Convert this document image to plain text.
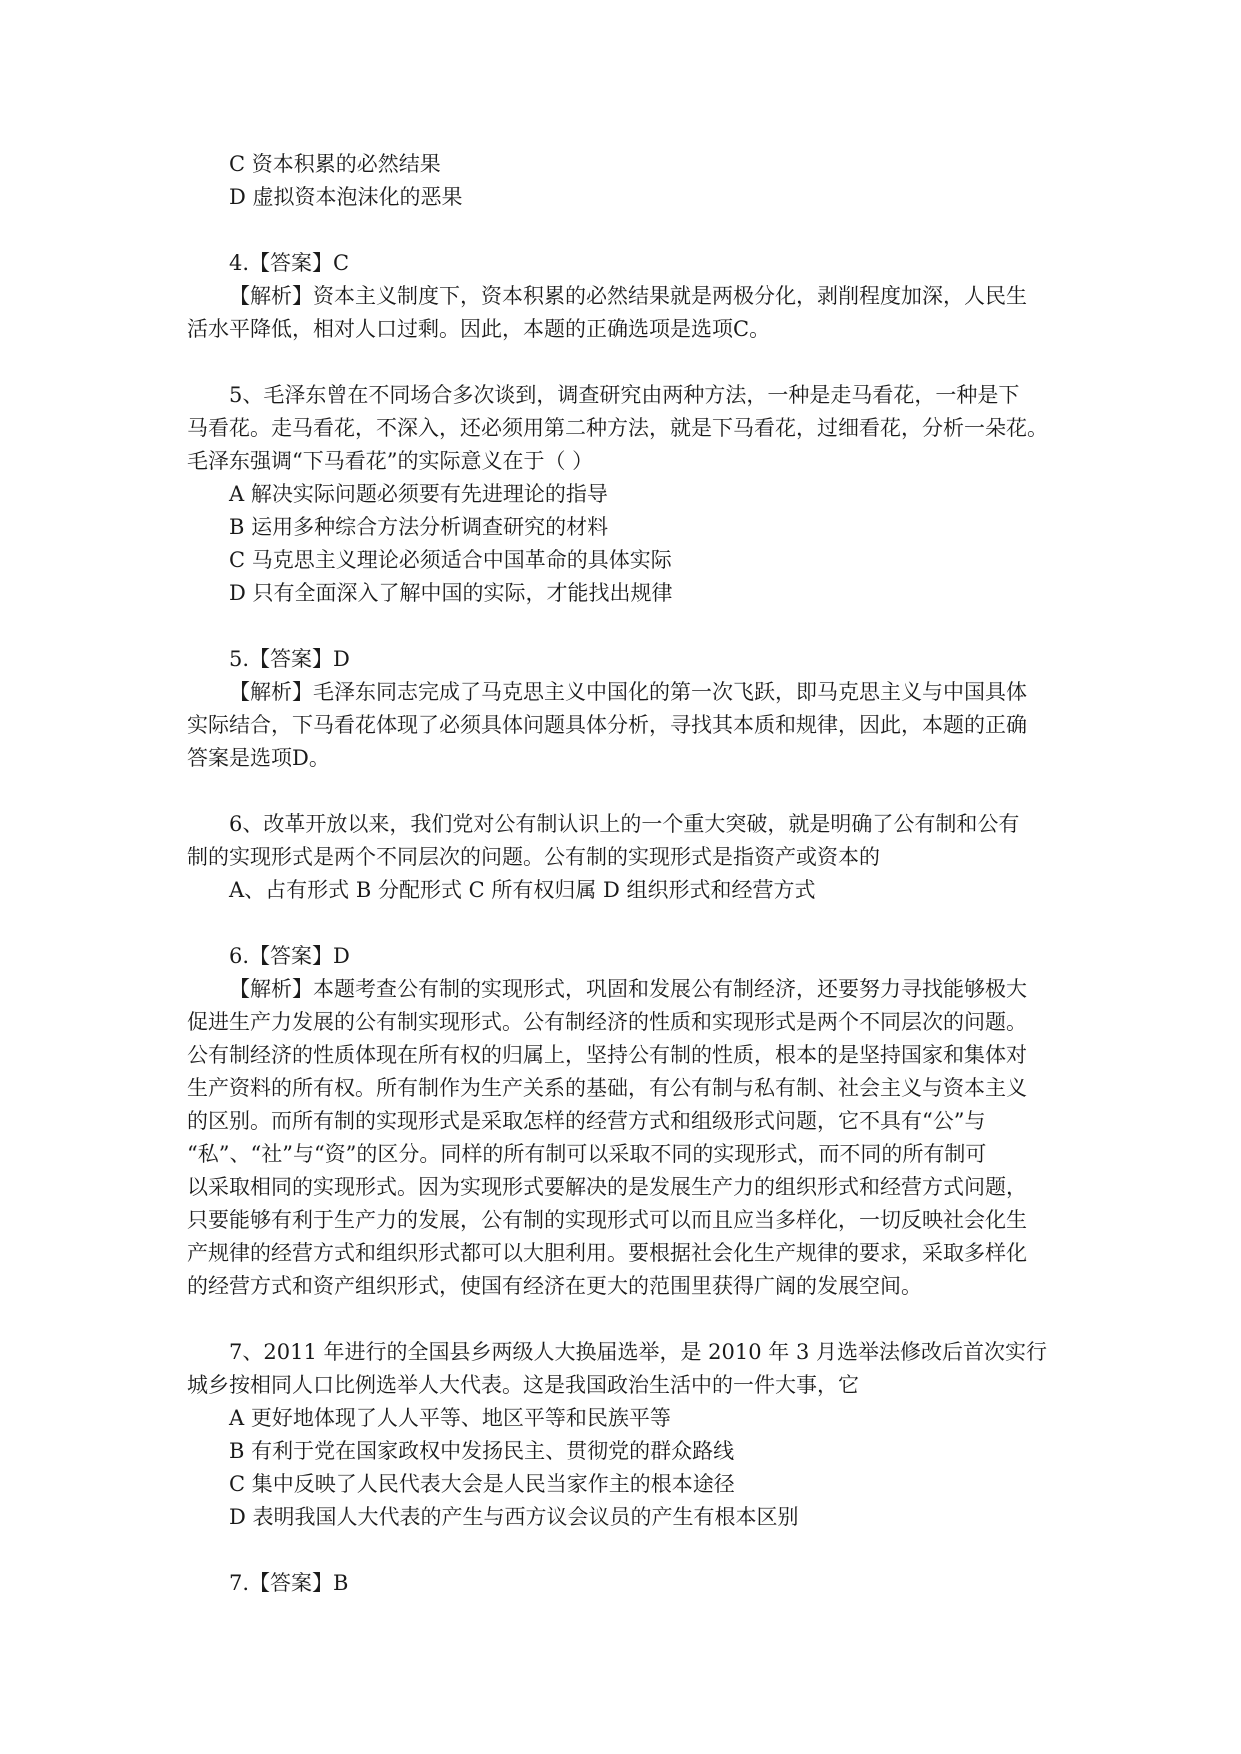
C 资本积累的必然结果
D 虚拟资本泡沫化的恶果
4.【答案】C
【解析】资本主义制度下，资本积累的必然结果就是两极分化，剥削程度加深，人民生
活水平降低，相对人口过剩。因此，本题的正确选项是选项C。
5、毛泽东曾在不同场合多次谈到，调查研究由两种方法，一种是走马看花，一种是下
马看花。走马看花，不深入，还必须用第二种方法，就是下马看花，过细看花，分析一朵花。
毛泽东强调“下马看花”的实际意义在于（ ）
A 解决实际问题必须要有先进理论的指导
B 运用多种综合方法分析调查研究的材料
C 马克思主义理论必须适合中国革命的具体实际
D 只有全面深入了解中国的实际，才能找出规律
5.【答案】D
【解析】毛泽东同志完成了马克思主义中国化的第一次飞跃，即马克思主义与中国具体
实际结合，下马看花体现了必须具体问题具体分析，寻找其本质和规律，因此，本题的正确
答案是选项D。
6、改革开放以来，我们党对公有制认识上的一个重大突破，就是明确了公有制和公有
制的实现形式是两个不同层次的问题。公有制的实现形式是指资产或资本的
A、占有形式 B 分配形式 C 所有权归属 D 组织形式和经营方式
6.【答案】D
【解析】本题考查公有制的实现形式，巩固和发展公有制经济，还要努力寻找能够极大
促进生产力发展的公有制实现形式。公有制经济的性质和实现形式是两个不同层次的问题。
公有制经济的性质体现在所有权的归属上，坚持公有制的性质，根本的是坚持国家和集体对
生产资料的所有权。所有制作为生产关系的基础，有公有制与私有制、社会主义与资本主义
的区别。而所有制的实现形式是采取怎样的经营方式和组级形式问题，它不具有“公”与
“私”、“社”与“资”的区分。同样的所有制可以采取不同的实现形式，而不同的所有制可
以采取相同的实现形式。因为实现形式要解决的是发展生产力的组织形式和经营方式问题，
只要能够有利于生产力的发展，公有制的实现形式可以而且应当多样化，一切反映社会化生
产规律的经营方式和组织形式都可以大胆利用。要根据社会化生产规律的要求，采取多样化
的经营方式和资产组织形式，使国有经济在更大的范围里获得广阔的发展空间。
7、2011 年进行的全国县乡两级人大换届选举，是 2010 年 3 月选举法修改后首次实行
城乡按相同人口比例选举人大代表。这是我国政治生活中的一件大事，它
A 更好地体现了人人平等、地区平等和民族平等
B 有利于党在国家政权中发扬民主、贯彻党的群众路线
C 集中反映了人民代表大会是人民当家作主的根本途径
D 表明我国人大代表的产生与西方议会议员的产生有根本区别
7.【答案】B
